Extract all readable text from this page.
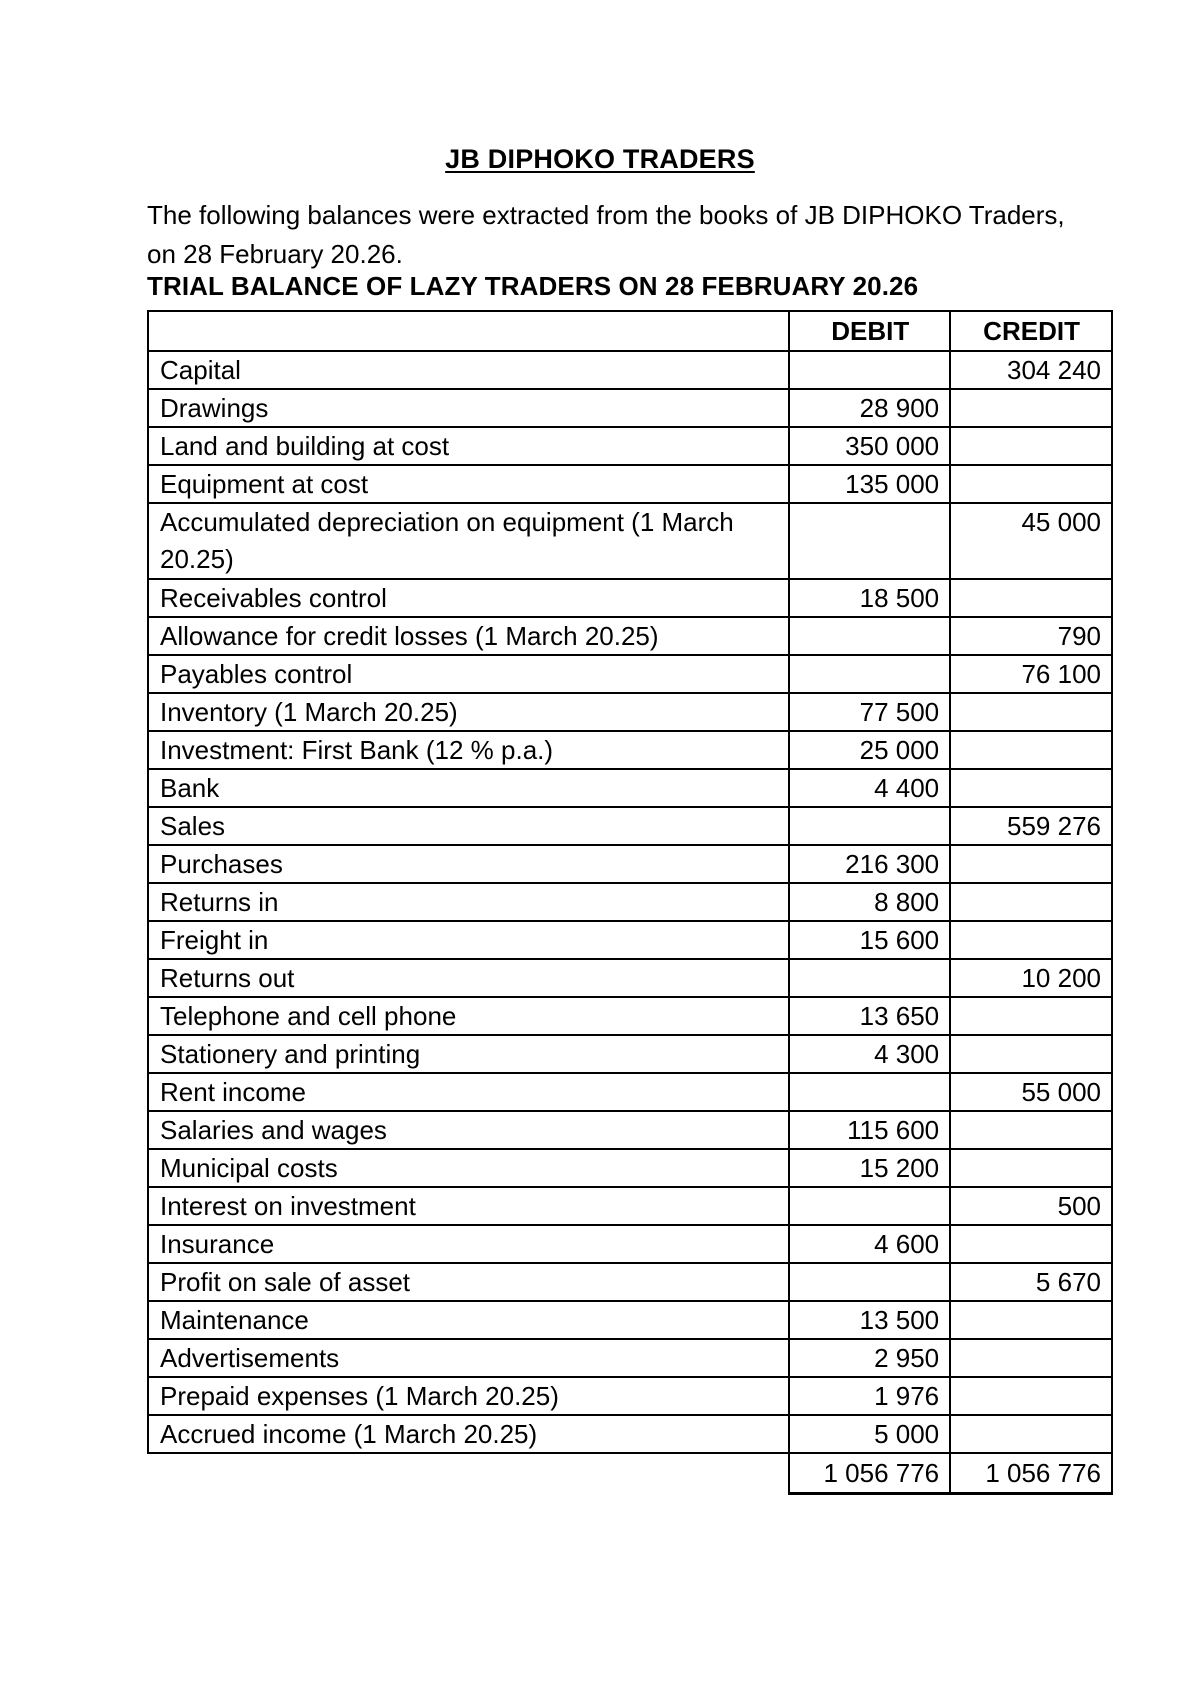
JB DIPHOKO TRADERS
The following balances were extracted from the books of JB DIPHOKO Traders, on 28 February 20.26.
TRIAL BALANCE OF LAZY TRADERS ON 28 FEBRUARY 20.26
	DEBIT	CREDIT
Capital		304 240
Drawings	28 900	
Land and building at cost	350 000	
Equipment at cost	135 000	
Accumulated depreciation on equipment (1 March 20.25)		45 000
Receivables control	18 500	
Allowance for credit losses (1 March 20.25)		790
Payables control		76 100
Inventory (1 March 20.25)	77 500	
Investment: First Bank (12 % p.a.)	25 000	
Bank	4 400	
Sales		559 276
Purchases	216 300	
Returns in	8 800	
Freight in	15 600	
Returns out		10 200
Telephone and cell phone	13 650	
Stationery and printing	4 300	
Rent income		55 000
Salaries and wages	115 600	
Municipal costs	15 200	
Interest on investment		500
Insurance	4 600	
Profit on sale of asset		5 670
Maintenance	13 500	
Advertisements	2 950	
Prepaid expenses (1 March 20.25)	1 976	
Accrued income (1 March 20.25)	5 000	
	1 056 776	1 056 776
